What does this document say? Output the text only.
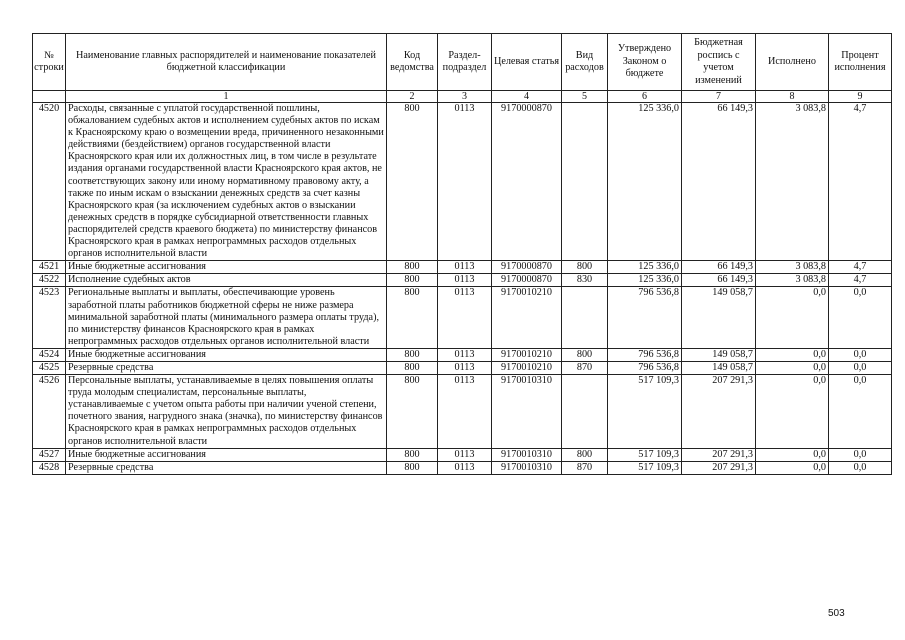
№ строки	Наименование главных распорядителей и наименование показателей бюджетной классификации	Код ведомства	Раздел-подраздел	Целевая статья	Вид расходов	Утверждено Законом о бюджете	Бюджетная роспись с учетом изменений	Исполнено	Процент исполнения
	1	2	3	4	5	6	7	8	9
4520	Расходы, связанные с уплатой государственной пошлины, обжалованием судебных актов и исполнением судебных актов по искам к Красноярскому краю о возмещении вреда, причиненного незаконными действиями (бездействием) органов государственной власти Красноярского края или их должностных лиц, в том числе в результате издания органами государственной власти Красноярского края актов, не соответствующих закону или иному нормативному правовому акту, а также по иным искам о взыскании денежных средств за счет казны Красноярского края (за исключением судебных актов о взыскании денежных средств в порядке субсидиарной ответственности главных распорядителей средств краевого бюджета) по министерству финансов Красноярского края в рамках непрограммных расходов отдельных органов исполнительной власти	800	0113	9170000870		125 336,0	66 149,3	3 083,8	4,7
4521	Иные бюджетные ассигнования	800	0113	9170000870	800	125 336,0	66 149,3	3 083,8	4,7
4522	Исполнение судебных актов	800	0113	9170000870	830	125 336,0	66 149,3	3 083,8	4,7
4523	Региональные выплаты и выплаты, обеспечивающие уровень заработной платы работников бюджетной сферы не ниже размера минимальной заработной платы (минимального размера оплаты труда), по министерству финансов Красноярского края в рамках непрограммных расходов отдельных органов исполнительной власти	800	0113	9170010210		796 536,8	149 058,7	0,0	0,0
4524	Иные бюджетные ассигнования	800	0113	9170010210	800	796 536,8	149 058,7	0,0	0,0
4525	Резервные средства	800	0113	9170010210	870	796 536,8	149 058,7	0,0	0,0
4526	Персональные выплаты, устанавливаемые в целях повышения оплаты труда молодым специалистам, персональные выплаты, устанавливаемые с учетом опыта работы при наличии ученой степени, почетного звания, нагрудного знака (значка), по министерству финансов Красноярского края в рамках непрограммных расходов отдельных органов исполнительной власти	800	0113	9170010310		517 109,3	207 291,3	0,0	0,0
4527	Иные бюджетные ассигнования	800	0113	9170010310	800	517 109,3	207 291,3	0,0	0,0
4528	Резервные средства	800	0113	9170010310	870	517 109,3	207 291,3	0,0	0,0
503
